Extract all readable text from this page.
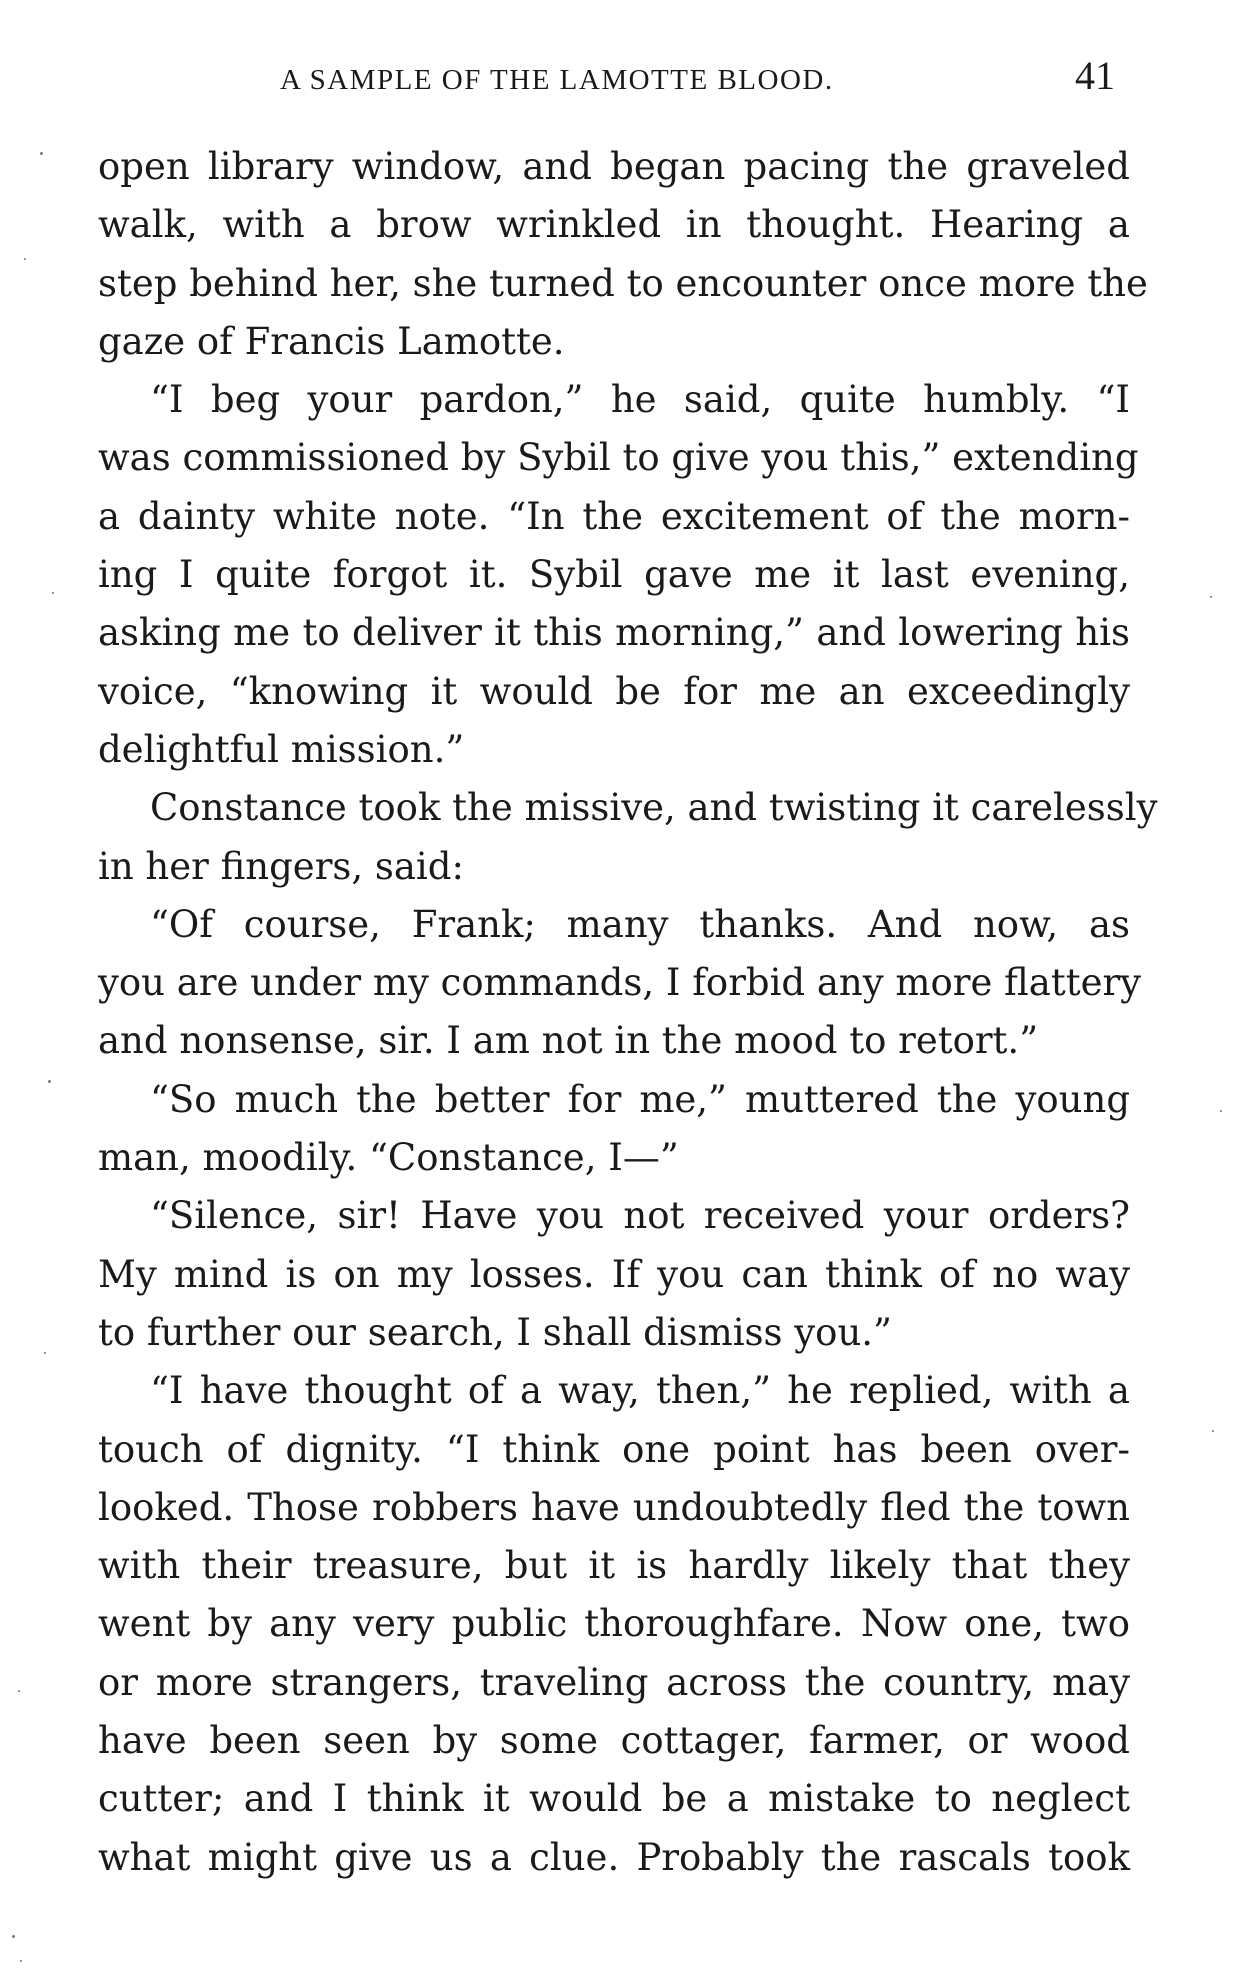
A SAMPLE OF THE LAMOTTE BLOOD.	41
open library window, and began pacing the graveled
walk, with a brow wrinkled in thought. Hearing a
step behind her, she turned to encounter once more the
gaze of Francis Lamotte.
“I beg your pardon,” he said, quite humbly. “I
was commissioned by Sybil to give you this,” extending
a dainty white note. “In the excitement of the morn-
ing I quite forgot it. Sybil gave me it last evening,
asking me to deliver it this morning,” and lowering his
voice, “knowing it would be for me an exceedingly
delightful mission.”
Constance took the missive, and twisting it carelessly
in her fingers, said:
“Of course, Frank; many thanks. And now, as
you are under my commands, I forbid any more flattery
and nonsense, sir. I am not in the mood to retort.”
“So much the better for me,” muttered the young
man, moodily. “Constance, I—”
“Silence, sir! Have you not received your orders?
My mind is on my losses. If you can think of no way
to further our search, I shall dismiss you.”
“I have thought of a way, then,” he replied, with a
touch of dignity. “I think one point has been over-
looked. Those robbers have undoubtedly fled the town
with their treasure, but it is hardly likely that they
went by any very public thoroughfare. Now one, two
or more strangers, traveling across the country, may
have been seen by some cottager, farmer, or wood
cutter; and I think it would be a mistake to neglect
what might give us a clue. Probably the rascals took
